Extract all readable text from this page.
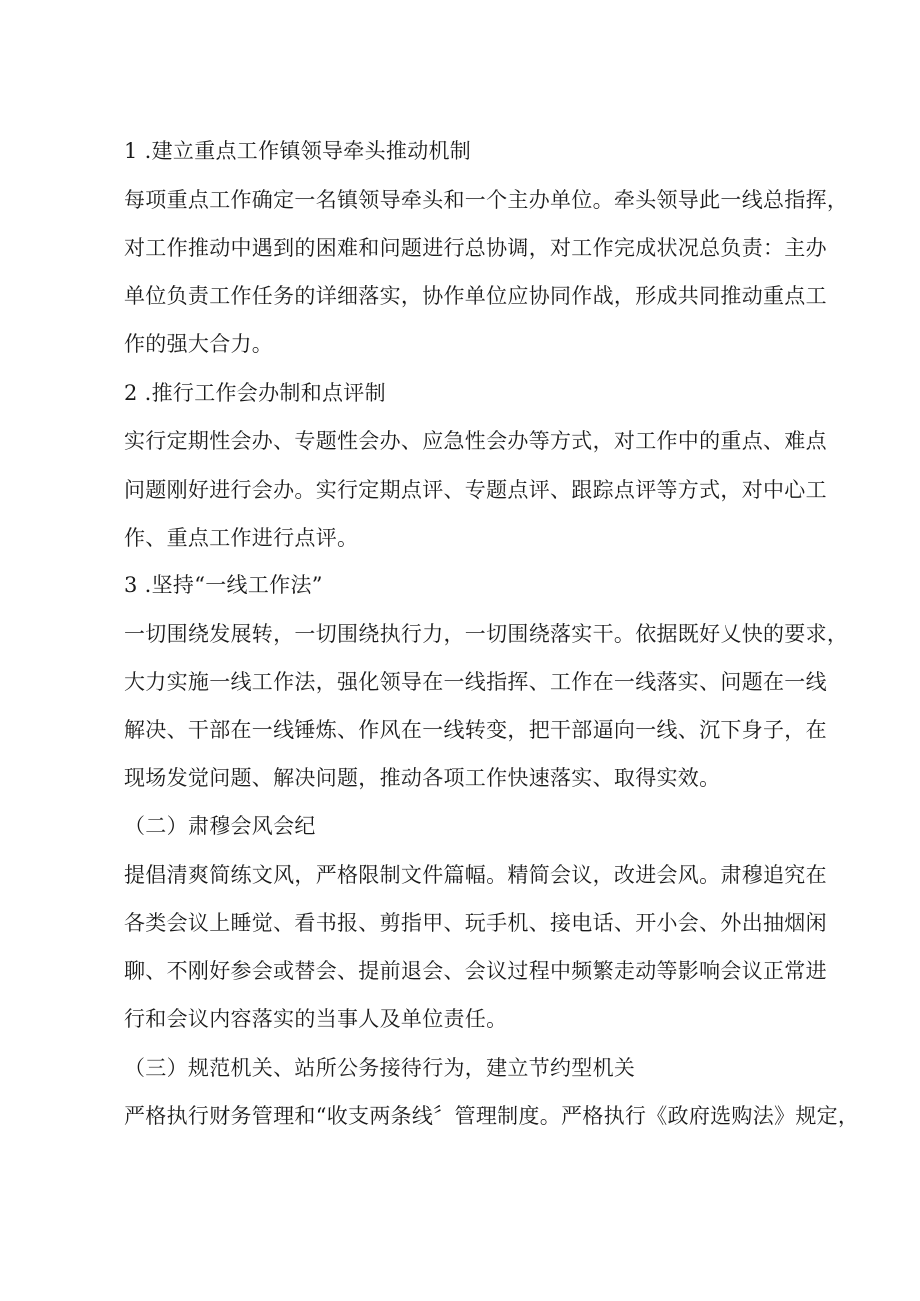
1 .建立重点工作镇领导牵头推动机制
每项重点工作确定一名镇领导牵头和一个主办单位。牵头领导此一线总指挥，
对工作推动中遇到的困难和问题进行总协调，对工作完成状况总负责：主办
单位负责工作任务的详细落实，协作单位应协同作战，形成共同推动重点工
作的强大合力。
2 .推行工作会办制和点评制
实行定期性会办、专题性会办、应急性会办等方式，对工作中的重点、难点
问题刚好进行会办。实行定期点评、专题点评、跟踪点评等方式，对中心工
作、重点工作进行点评。
3 .坚持“一线工作法”
一切围绕发展转，一切围绕执行力，一切围绕落实干。依据既好乂快的要求，
大力实施一线工作法，强化领导在一线指挥、工作在一线落实、问题在一线
解决、干部在一线锤炼、作风在一线转变，把干部逼向一线、沉下身子，在
现场发觉问题、解决问题，推动各项工作快速落实、取得实效。
（二）肃穆会风会纪
提倡清爽简练文风，严格限制文件篇幅。精简会议，改进会风。肃穆追究在
各类会议上睡觉、看书报、剪指甲、玩手机、接电话、开小会、外出抽烟闲
聊、不刚好参会或替会、提前退会、会议过程中频繁走动等影响会议正常进
行和会议内容落实的当事人及单位责任。
（三）规范机关、站所公务接待行为，建立节约型机关
严格执行财务管理和“收支两条线〞管理制度。严格执行《政府选购法》规定，
